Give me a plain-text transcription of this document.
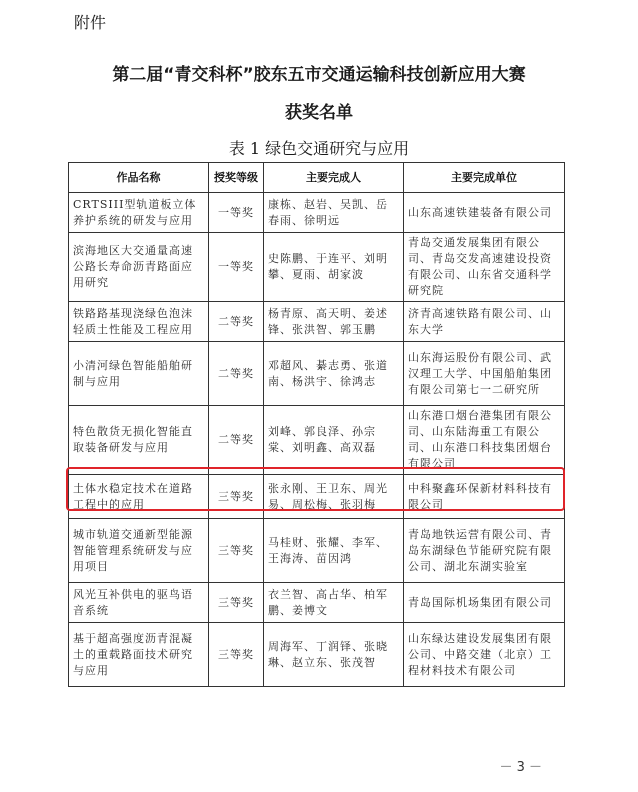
附件
第二届“青交科杯”胶东五市交通运输科技创新应用大赛
获奖名单
表 1 绿色交通研究与应用
作品名称	授奖等级	主要完成人	主要完成单位
CRTSIII型轨道板立体养护系统的研发与应用	一等奖	康栋、赵岩、吴凯、岳春雨、徐明远	山东高速铁建装备有限公司
滨海地区大交通量高速公路长寿命沥青路面应用研究	一等奖	史陈鹏、于连平、刘明攀、夏雨、胡家波	青岛交通发展集团有限公司、青岛交发高速建设投资有限公司、山东省交通科学研究院
铁路路基现浇绿色泡沫轻质土性能及工程应用	二等奖	杨青原、高天明、姜述锋、张洪智、郭玉鹏	济青高速铁路有限公司、山东大学
小清河绿色智能船舶研制与应用	二等奖	邓超风、綦志勇、张道南、杨洪宇、徐鸿志	山东海运股份有限公司、武汉理工大学、中国船舶集团有限公司第七一二研究所
特色散货无损化智能直取装备研发与应用	二等奖	刘峰、郭良泽、孙宗棠、刘明鑫、高双磊	山东港口烟台港集团有限公司、山东陆海重工有限公司、山东港口科技集团烟台有限公司
土体水稳定技术在道路工程中的应用	三等奖	张永刚、王卫东、周光易、周松梅、张羽梅	中科聚鑫环保新材料科技有限公司
城市轨道交通新型能源智能管理系统研发与应用项目	三等奖	马桂财、张耀、李军、王海涛、苗因鸿	青岛地铁运营有限公司、青岛东湖绿色节能研究院有限公司、湖北东湖实验室
风光互补供电的驱鸟语音系统	三等奖	衣兰智、高占华、柏军鹏、姜博文	青岛国际机场集团有限公司
基于超高强度沥青混凝土的重载路面技术研究与应用	三等奖	周海军、丁润铎、张晓琳、赵立东、张茂智	山东绿达建设发展集团有限公司、中路交建（北京）工程材料技术有限公司
－ 3 －
